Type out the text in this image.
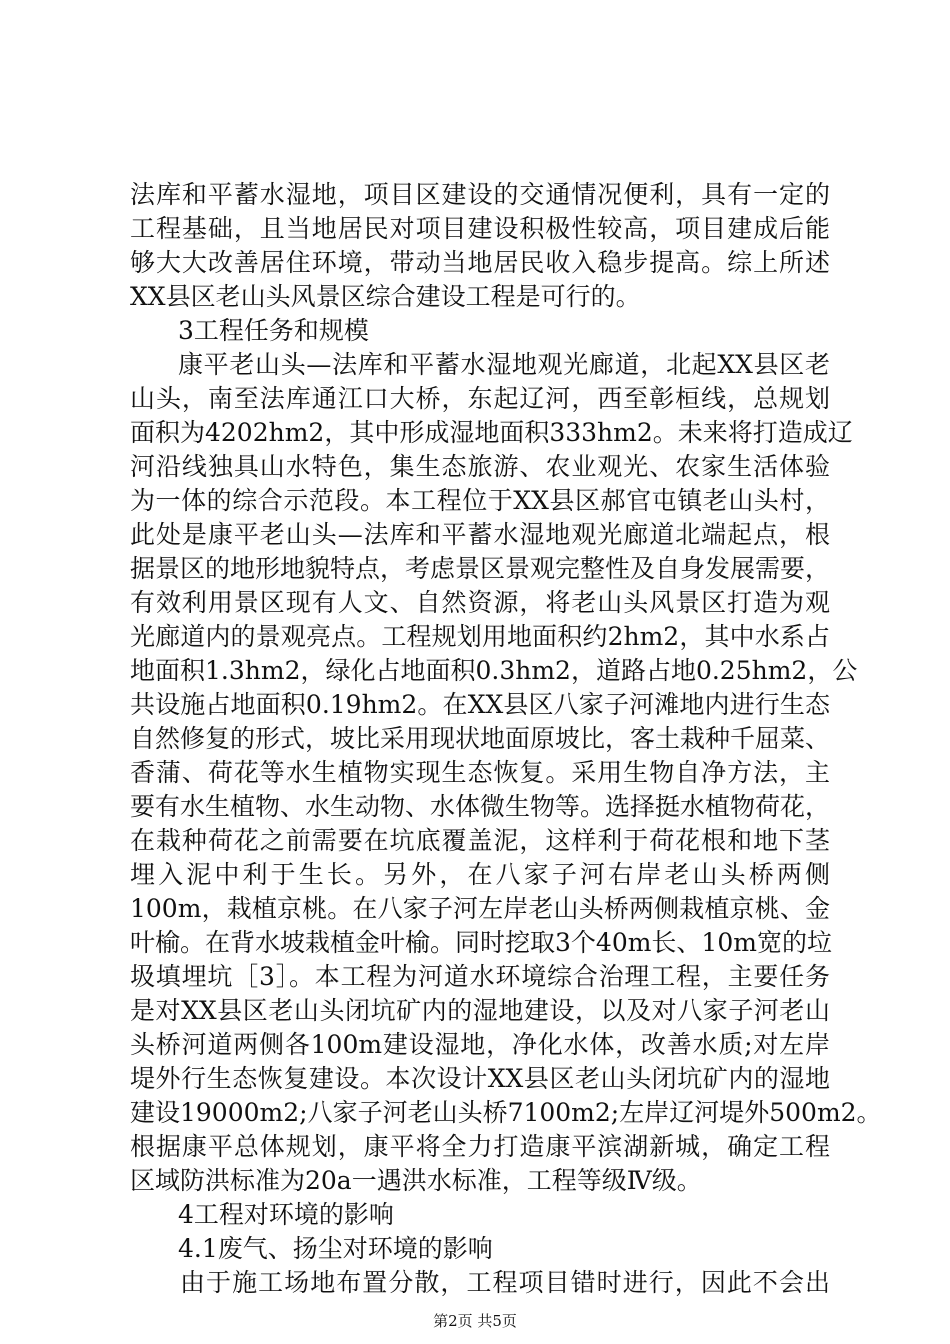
法库和平蓄水湿地，项目区建设的交通情况便利，具有一定的
工程基础，且当地居民对项目建设积极性较高，项目建成后能
够大大改善居住环境，带动当地居民收入稳步提高。综上所述
XX县区老山头风景区综合建设工程是可行的。
3工程任务和规模
康平老山头—法库和平蓄水湿地观光廊道，北起XX县区老
山头，南至法库通江口大桥，东起辽河，西至彰桓线，总规划
面积为4202hm2，其中形成湿地面积333hm2。未来将打造成辽
河沿线独具山水特色，集生态旅游、农业观光、农家生活体验
为一体的综合示范段。本工程位于XX县区郝官屯镇老山头村，
此处是康平老山头—法库和平蓄水湿地观光廊道北端起点，根
据景区的地形地貌特点，考虑景区景观完整性及自身发展需要，
有效利用景区现有人文、自然资源，将老山头风景区打造为观
光廊道内的景观亮点。工程规划用地面积约2hm2，其中水系占
地面积1.3hm2，绿化占地面积0.3hm2，道路占地0.25hm2，公
共设施占地面积0.19hm2。在XX县区八家子河滩地内进行生态
自然修复的形式，坡比采用现状地面原坡比，客土栽种千屈菜、
香蒲、荷花等水生植物实现生态恢复。采用生物自净方法，主
要有水生植物、水生动物、水体微生物等。选择挺水植物荷花，
在栽种荷花之前需要在坑底覆盖泥，这样利于荷花根和地下茎
埋入泥中利于生长。另外，在八家子河右岸老山头桥两侧
100m，栽植京桃。在八家子河左岸老山头桥两侧栽植京桃、金
叶榆。在背水坡栽植金叶榆。同时挖取3个40m长、10m宽的垃
圾填埋坑［3］。本工程为河道水环境综合治理工程，主要任务
是对XX县区老山头闭坑矿内的湿地建设，以及对八家子河老山
头桥河道两侧各100m建设湿地，净化水体，改善水质;对左岸
堤外行生态恢复建设。本次设计XX县区老山头闭坑矿内的湿地
建设19000m2;八家子河老山头桥7100m2;左岸辽河堤外500m2。
根据康平总体规划，康平将全力打造康平滨湖新城，确定工程
区域防洪标准为20a一遇洪水标准，工程等级Ⅳ级。
4工程对环境的影响
4.1废气、扬尘对环境的影响
由于施工场地布置分散，工程项目错时进行，因此不会出
第2页 共5页
